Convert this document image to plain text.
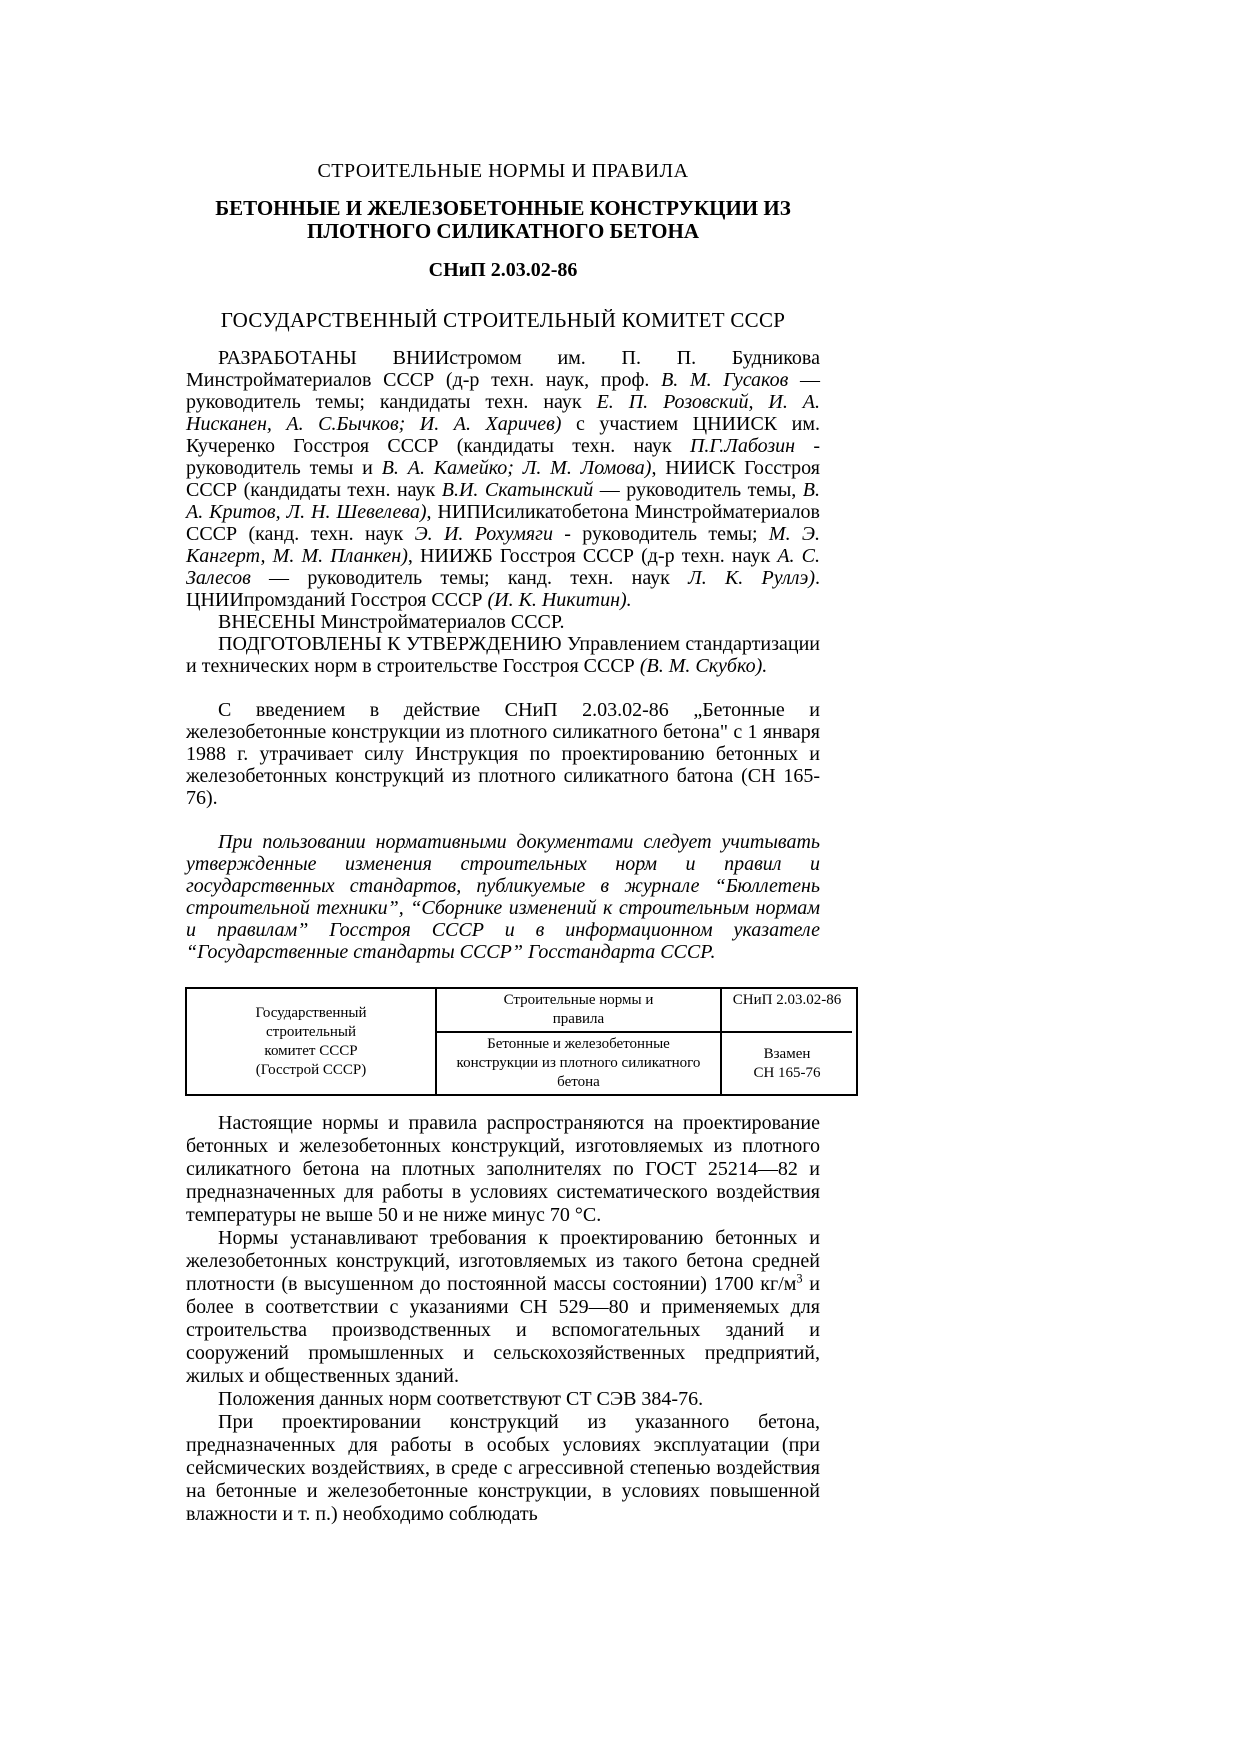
СТРОИТЕЛЬНЫЕ НОРМЫ И ПРАВИЛА
БЕТОННЫЕ И ЖЕЛЕЗОБЕТОННЫЕ КОНСТРУКЦИИ ИЗ ПЛОТНОГО СИЛИКАТНОГО БЕТОНА
СНиП 2.03.02-86
ГОСУДАРСТВЕННЫЙ СТРОИТЕЛЬНЫЙ КОМИТЕТ СССР

РАЗРАБОТАНЫ ВНИИстромом им. П. П. Будникова Минстройматериалов СССР (д-р техн. наук, проф. В. М. Гусаков — руководитель темы; кандидаты техн. наук Е. П. Розовский, И. А. Нисканен, А. С.Бычков; И. А. Харичев) с участием ЦНИИСК им. Кучеренко Госстроя СССР (кандидаты техн. наук П.Г.Лабозин - руководитель темы и В. А. Камейко; Л. М. Ломова), НИИСК Госстроя СССР (кандидаты техн. наук В.И. Скатынский — руководитель темы, В. А. Критов, Л. Н. Шевелева), НИПИсиликатобетона Минстройматериалов СССР (канд. техн. наук Э. И. Рохумяги - руководитель темы; М. Э. Кангерт, М. М. Планкен), НИИЖБ Госстроя СССР (д-р техн. наук А. С. Залесов — руководитель темы; канд. техн. наук Л. К. Руллэ). ЦНИИпромзданий Госстроя СССР (И. К. Никитин).

ВНЕСЕНЫ Минстройматериалов СССР.

ПОДГОТОВЛЕНЫ К УТВЕРЖДЕНИЮ Управлением стандартизации и технических норм в строительстве Госстроя СССР (В. М. Скубко).

С введением в действие СНиП 2.03.02-86 „Бетонные и железобетонные конструкции из плотного силикатного бетона" с 1 января 1988 г. утрачивает силу Инструкция по проектированию бетонных и железобетонных конструкций из плотного силикатного батона (СН 165-76).

При пользовании нормативными документами следует учитывать утвержденные изменения строительных норм и правил и государственных стандартов, публикуемые в журнале “Бюллетень строительной техники”, “Сборнике изменений к строительным нормам и правилам” Госстроя СССР и в информационном указателе “Государственные стандарты СССР” Госстандарта СССР.

Государственный
строительный
комитет СССР
(Госстрой СССР)
Строительные нормы и
правила
СНиП 2.03.02-86
Бетонные и железобетонные
конструкции из плотного силикатного
бетона
Взамен
СН 165-76

Настоящие нормы и правила распространяются на проектирование бетонных и железобетонных конструкций, изготовляемых из плотного силикатного бетона на плотных заполнителях по ГОСТ 25214—82 и предназначенных для работы в условиях систематического воздействия температуры не выше 50 и не ниже минус 70 °С.

Нормы устанавливают требования к проектированию бетонных и железобетонных конструкций, изготовляемых из такого бетона средней плотности (в высушенном до постоянной массы состоянии) 1700 $кг/м^3$ и более в соответствии с указаниями СН 529—80 и применяемых для строительства производственных и вспомогательных зданий и сооружений промышленных и сельскохозяйственных предприятий, жилых и общественных зданий.

Положения данных норм соответствуют СТ СЭВ 384-76.

При проектировании конструкций из указанного бетона, предназначенных для работы в особых условиях эксплуатации (при сейсмических воздействиях, в среде с агрессивной степенью воздействия на бетонные и железобетонные конструкции, в условиях повышенной влажности и т. п.) необходимо соблюдать
